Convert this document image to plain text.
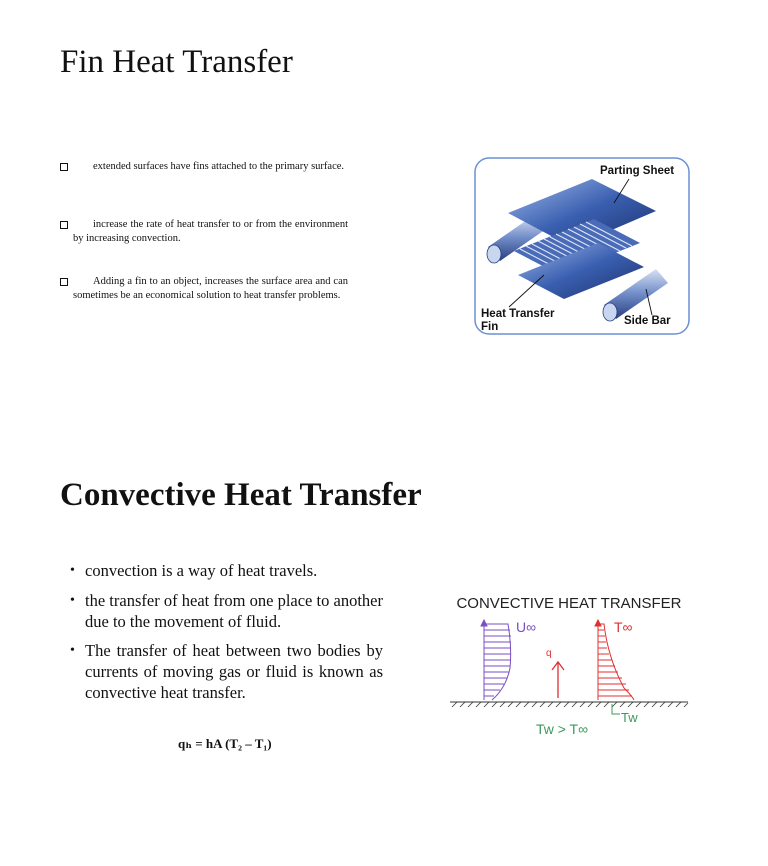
Fin Heat Transfer
extended surfaces have fins attached to the primary surface.
increase the rate of heat transfer to or from the environment by increasing convection.
Adding a fin to an object, increases the surface area and can sometimes be an economical solution to heat transfer problems.
Parting Sheet
Heat Transfer
Fin	Side Bar
Convective Heat Transfer
• convection is a way of heat travels.
• the transfer of heat from one place to another due to the movement of fluid.
• The transfer of heat between two bodies by currents of moving gas or fluid is known as convective heat transfer.
qₕ = hA (T₂ – T₁)
CONVECTIVE HEAT TRANSFER
U∞
q
T∞
Tw
Tw > T∞
